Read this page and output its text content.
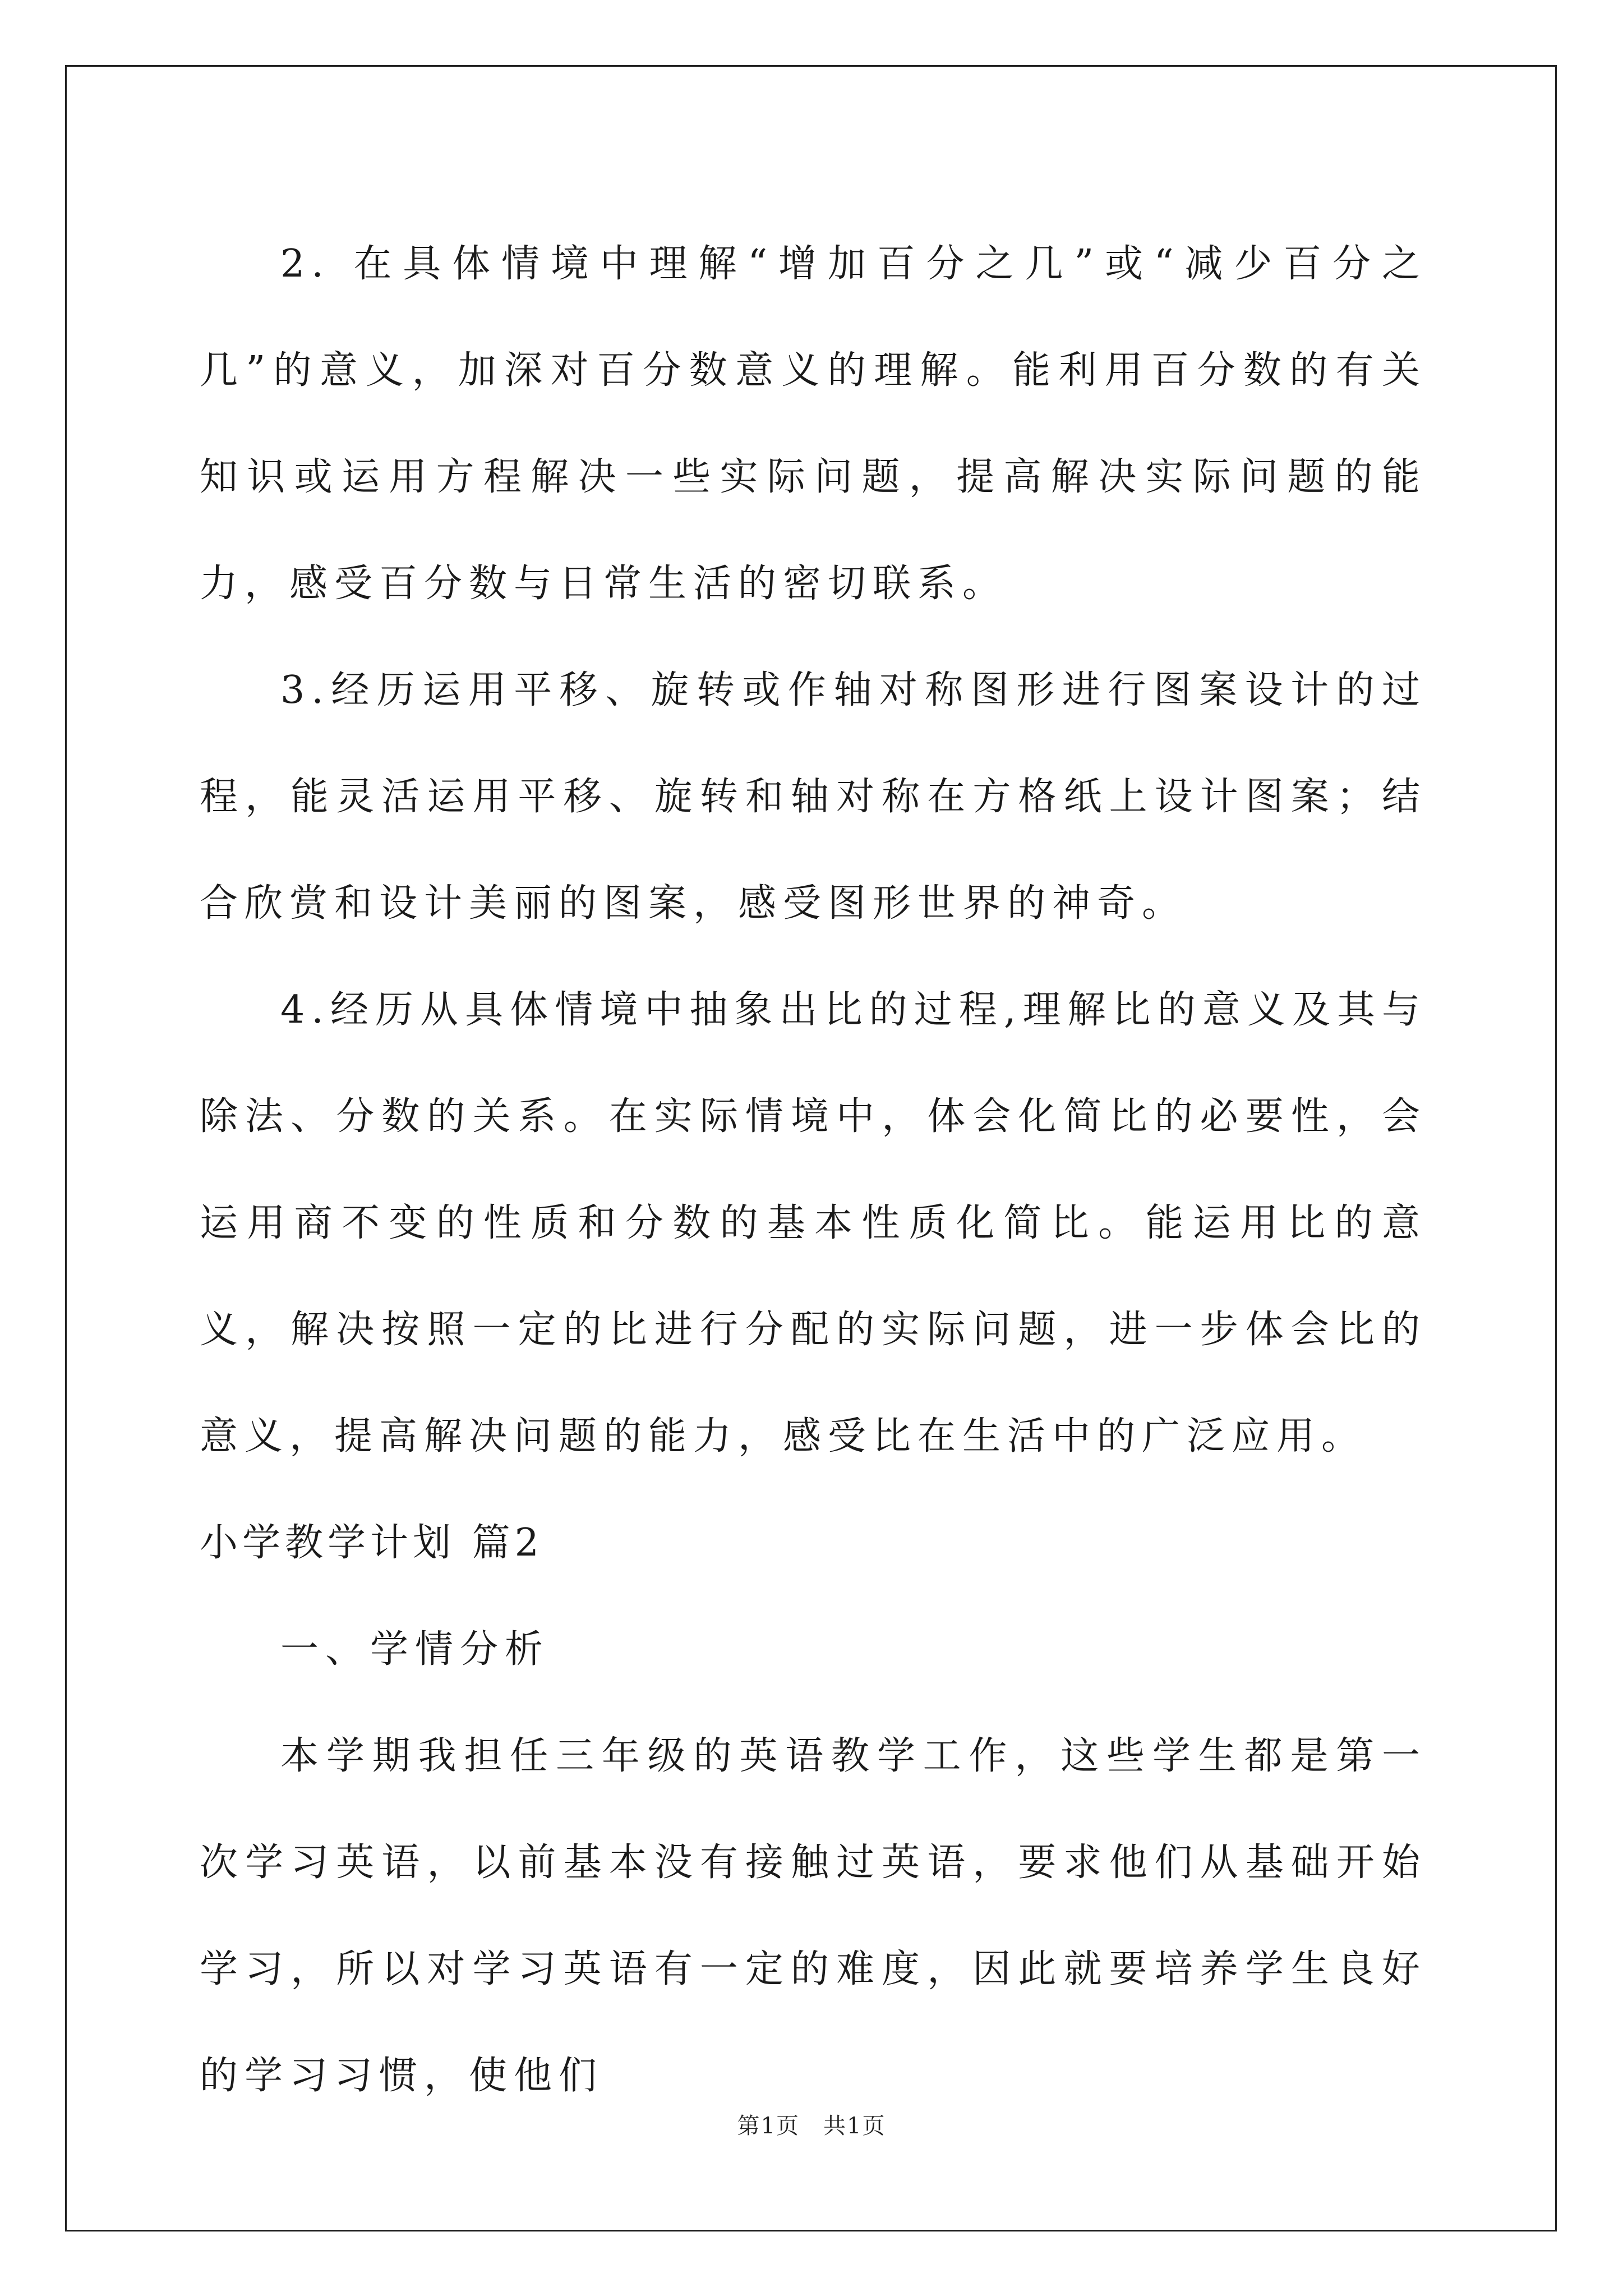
2. 在具体情境中理解“增加百分之几”或“减少百分之几”的意义，加深对百分数意义的理解。能利用百分数的有关知识或运用方程解决一些实际问题，提高解决实际问题的能力，感受百分数与日常生活的密切联系。

3.经历运用平移、旋转或作轴对称图形进行图案设计的过程，能灵活运用平移、旋转和轴对称在方格纸上设计图案；结合欣赏和设计美丽的图案，感受图形世界的神奇。

4.经历从具体情境中抽象出比的过程,理解比的意义及其与除法、分数的关系。在实际情境中，体会化简比的必要性，会运用商不变的性质和分数的基本性质化简比。能运用比的意义，解决按照一定的比进行分配的实际问题，进一步体会比的意义，提高解决问题的能力，感受比在生活中的广泛应用。

小学教学计划 篇2

一、学情分析

本学期我担任三年级的英语教学工作，这些学生都是第一次学习英语，以前基本没有接触过英语，要求他们从基础开始学习，所以对学习英语有一定的难度，因此就要培养学生良好的学习习惯，使他们

第1页　共1页
